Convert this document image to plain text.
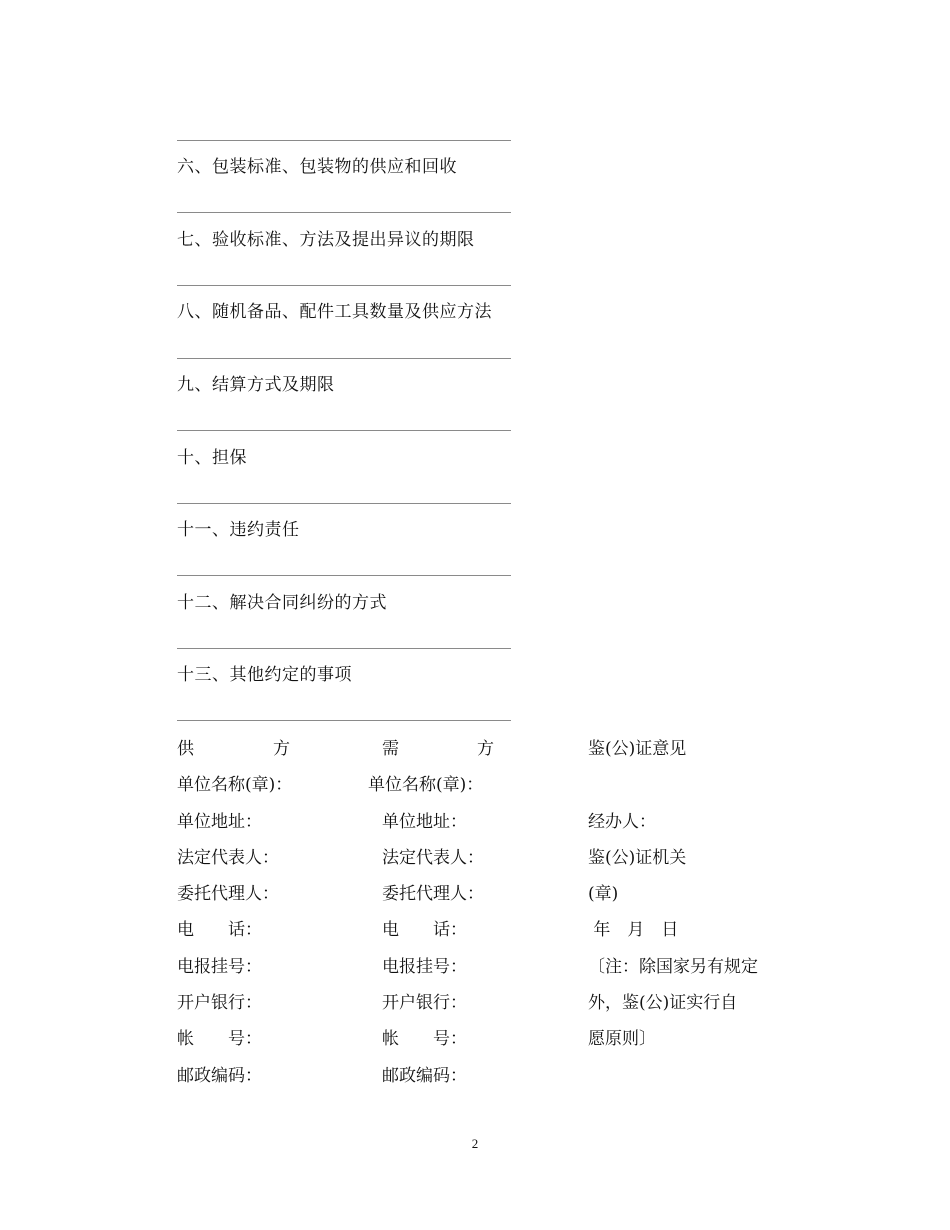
六、包装标准、包装物的供应和回收
七、验收标准、方法及提出异议的期限
八、随机备品、配件工具数量及供应方法
九、结算方式及期限
十、担保
十一、违约责任
十二、解决合同纠纷的方式
十三、其他约定的事项
供	方	需	方	鉴(公)证意见
单位名称(章)：	单位名称(章)：
单位地址：	单位地址：	经办人：
法定代表人：	法定代表人：	鉴(公)证机关
委托代理人：	委托代理人：	(章)
电　　话：	电　　话：	年　月　日
电报挂号：	电报挂号：	〔注：除国家另有规定
开户银行：	开户银行：	外，鉴(公)证实行自
帐　　号：	帐　　号：	愿原则〕
邮政编码：	邮政编码：
2
